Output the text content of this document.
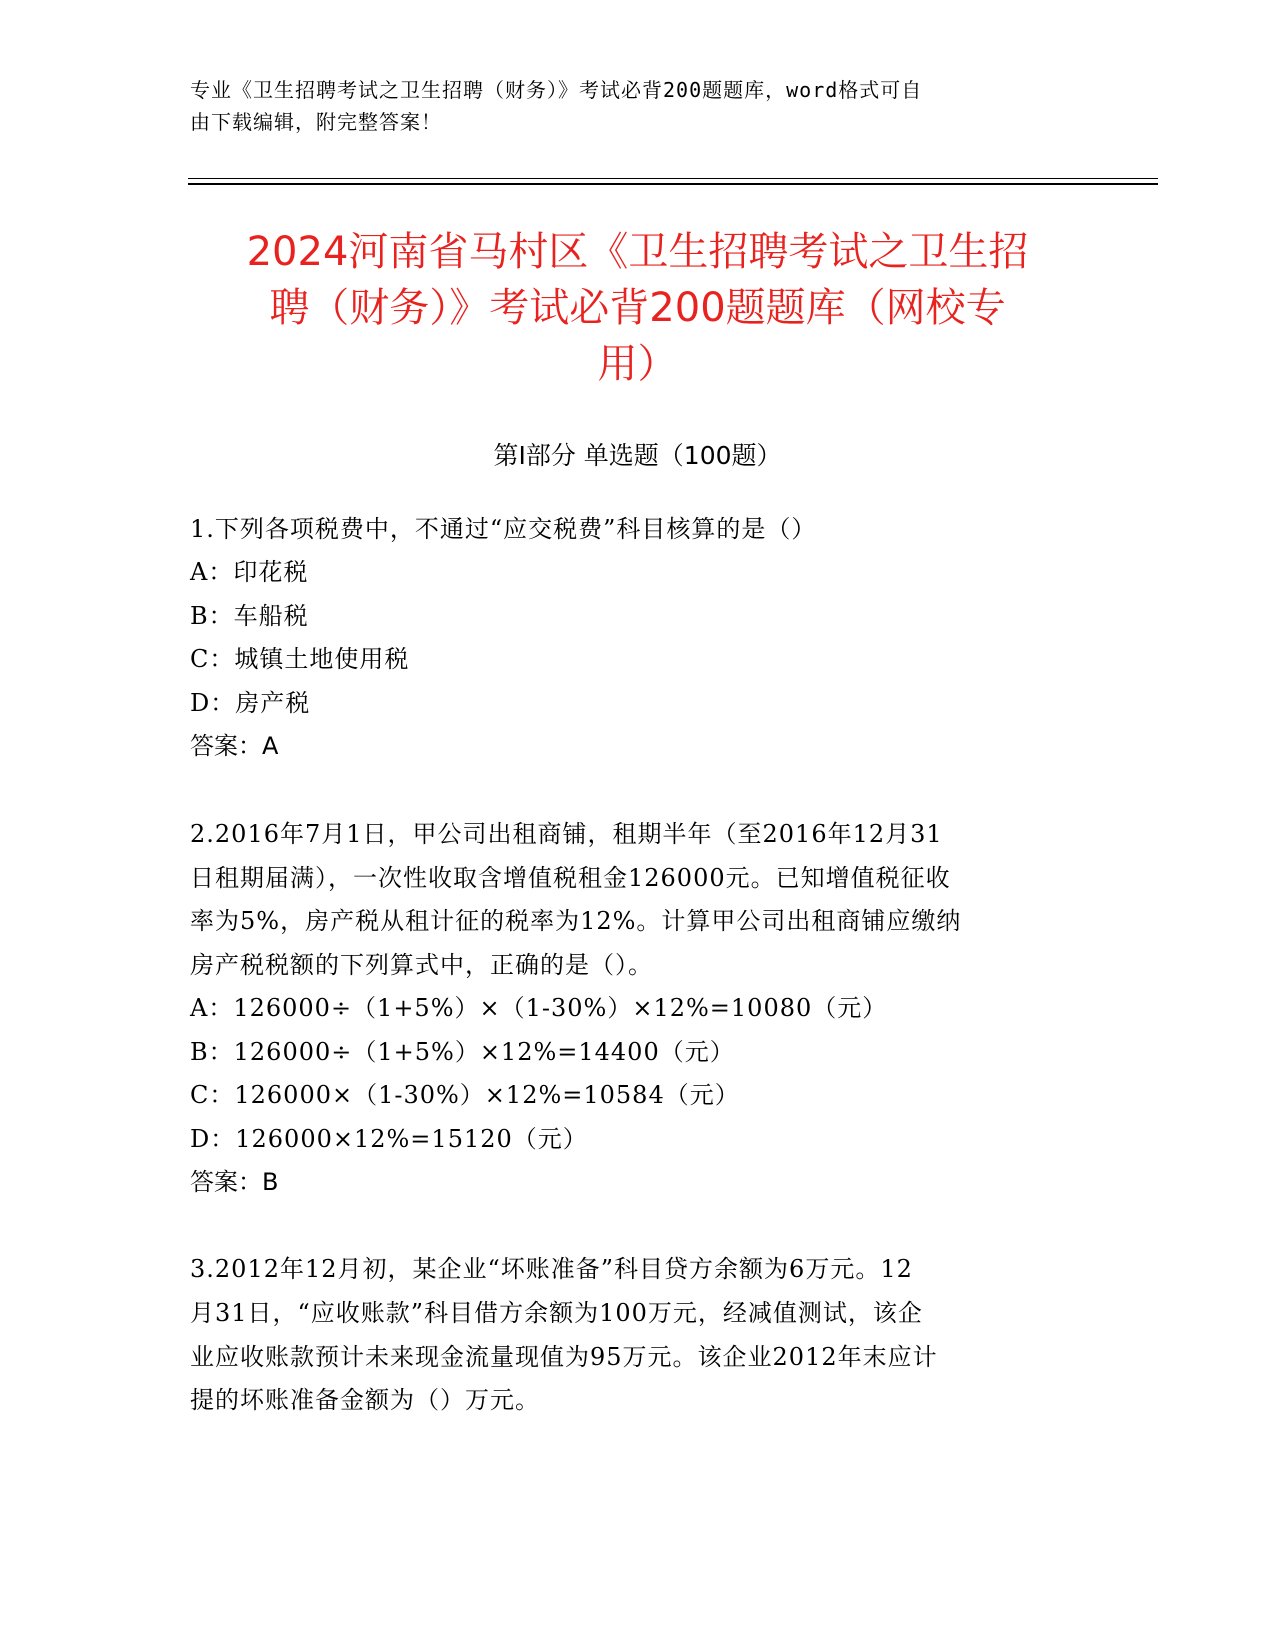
专业《卫生招聘考试之卫生招聘（财务）》考试必背200题题库，word格式可自
由下载编辑，附完整答案！
2024河南省马村区《卫生招聘考试之卫生招
聘（财务）》考试必背200题题库（网校专
用）
第Ⅰ部分 单选题（100题）
1.下列各项税费中，不通过“应交税费”科目核算的是（）
A：印花税
B：车船税
C：城镇土地使用税
D：房产税
答案：A
2.2016年7月1日，甲公司出租商铺，租期半年（至2016年12月31
日租期届满），一次性收取含增值税租金126000元。已知增值税征收
率为5%，房产税从租计征的税率为12%。计算甲公司出租商铺应缴纳
房产税税额的下列算式中，正确的是（）。
A：126000÷（1+5%）×（1-30%）×12%=10080（元）
B：126000÷（1+5%）×12%=14400（元）
C：126000×（1-30%）×12%=10584（元）
D：126000×12%=15120（元）
答案：B
3.2012年12月初，某企业“坏账准备”科目贷方余额为6万元。12
月31日，“应收账款”科目借方余额为100万元，经减值测试，该企
业应收账款预计未来现金流量现值为95万元。该企业2012年末应计
提的坏账准备金额为（）万元。
